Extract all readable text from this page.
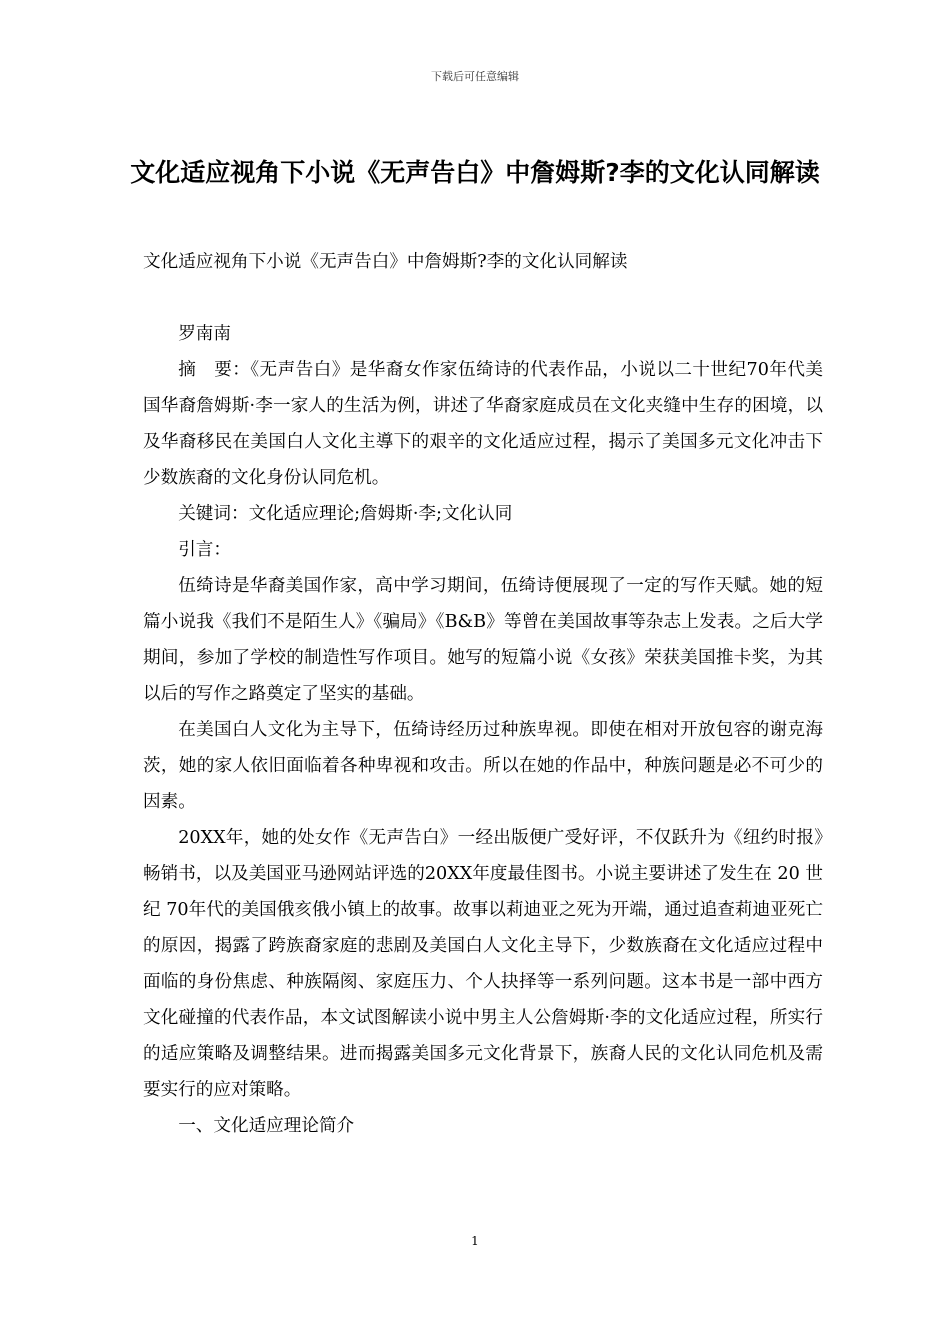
下载后可任意编辑
文化适应视角下小说《无声告白》中詹姆斯?李的文化认同解读

文化适应视角下小说《无声告白》中詹姆斯?李的文化认同解读

罗南南

摘　要：《无声告白》是华裔女作家伍绮诗的代表作品，小说以二十世纪70年代美国华裔詹姆斯·李一家人的生活为例，讲述了华裔家庭成员在文化夹缝中生存的困境，以及华裔移民在美国白人文化主導下的艰辛的文化适应过程，揭示了美国多元文化冲击下少数族裔的文化身份认同危机。

关键词：文化适应理论;詹姆斯·李;文化认同

引言：

伍绮诗是华裔美国作家，高中学习期间，伍绮诗便展现了一定的写作天赋。她的短篇小说我《我们不是陌生人》《骗局》《B&B》等曾在美国故事等杂志上发表。之后大学期间，参加了学校的制造性写作项目。她写的短篇小说《女孩》荣获美国推卡奖，为其以后的写作之路奠定了坚实的基础。

在美国白人文化为主导下，伍绮诗经历过种族卑视。即使在相对开放包容的谢克海茨，她的家人依旧面临着各种卑视和攻击。所以在她的作品中，种族问题是必不可少的因素。

20XX年，她的处女作《无声告白》一经出版便广受好评，不仅跃升为《纽约时报》畅销书，以及美国亚马逊网站评选的20XX年度最佳图书。小说主要讲述了发生在 20 世纪 70年代的美国俄亥俄小镇上的故事。故事以莉迪亚之死为开端，通过追查莉迪亚死亡的原因，揭露了跨族裔家庭的悲剧及美国白人文化主导下，少数族裔在文化适应过程中面临的身份焦虑、种族隔阂、家庭压力、个人抉择等一系列问题。这本书是一部中西方文化碰撞的代表作品，本文试图解读小说中男主人公詹姆斯·李的文化适应过程，所实行的适应策略及调整结果。进而揭露美国多元文化背景下，族裔人民的文化认同危机及需要实行的应对策略。

一、文化适应理论简介

1
